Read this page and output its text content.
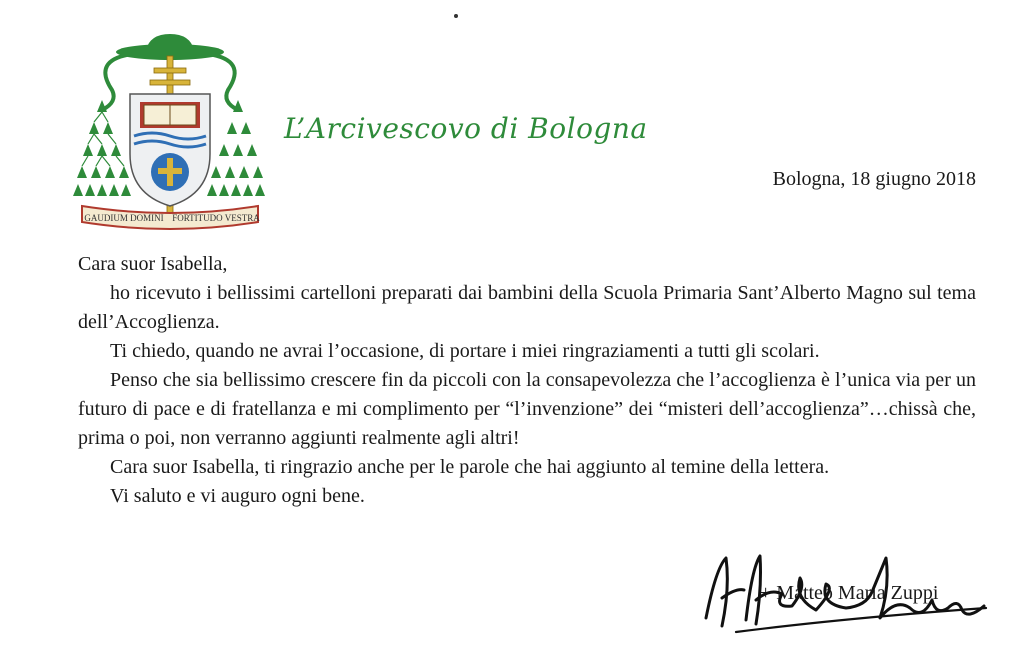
GAUDIUM DOMINI FORTITUDO VESTRA
L’Arcivescovo di Bologna
Bologna, 18 giugno 2018

Cara suor Isabella,

ho ricevuto i bellissimi cartelloni preparati dai bambini della Scuola Primaria Sant’Alberto Magno sul tema dell’Accoglienza.

Ti chiedo, quando ne avrai l’occasione, di portare i miei ringraziamenti a tutti gli scolari.

Penso che sia bellissimo crescere fin da piccoli con la consapevolezza che l’accoglienza è l’unica via per un futuro di pace e di fratellanza e mi complimento per “l’invenzione” dei “misteri dell’accoglienza”…chissà che, prima o poi, non verranno aggiunti realmente agli altri!

Cara suor Isabella, ti ringrazio anche per le parole che hai aggiunto al temine della lettera.

Vi saluto e vi auguro ogni bene.

+ Matteo Maria Zuppi
